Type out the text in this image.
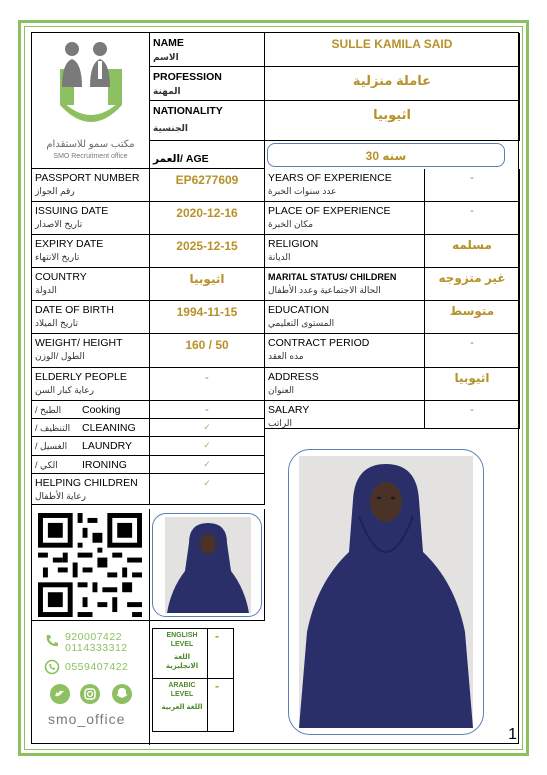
مكتب سمو للاستقدام
SMO Recruitment office
NAME
الاسم
SULLE KAMILA SAID
PROFESSION
المهنة
عاملة منزلية
NATIONALITY
الجنسية
اثيوبيا
العمر/ AGE	30 سنه
PASSPORT NUMBER
رقم الجواز
EP6277609
ISSUING DATE
تاريخ الاصدار
2020-12-16
EXPIRY DATE
تاريخ الانتهاء
2025-12-15
COUNTRY
الدولة
اثيوبيا
DATE OF BIRTH
تاريخ الميلاد
1994-11-15
WEIGHT/ HEIGHT
الطول /الوزن
160 / 50
ELDERLY PEOPLE
رعاية كبار السن
-
Cooking
الطبخ /	-
CLEANING
التنظيف /	✓
LAUNDRY
الغسيل /	✓
IRONING
الكي /	✓
HELPING CHILDREN
رعاية الأطفال
✓
YEARS OF EXPERIENCE
عدد سنوات الخبرة
-
PLACE OF EXPERIENCE
مكان الخبرة
-
RELIGION
الديانة
مسلمه
MARITAL STATUS/ CHILDREN
الحالة الاجتماعية وعدد الأطفال
غير متزوجه
EDUCATION
المستوى التعليمي
متوسط
CONTRACT PERIOD
مده العقد
-
ADDRESS
العنوان
اثيوبيا
SALARY
الراتب
-
920007422
0114333312
0559407422
smo_office
ENGLISH LEVEL
اللغة الانجليزية
-
ARABIC LEVEL
اللغة العربية
-
1
